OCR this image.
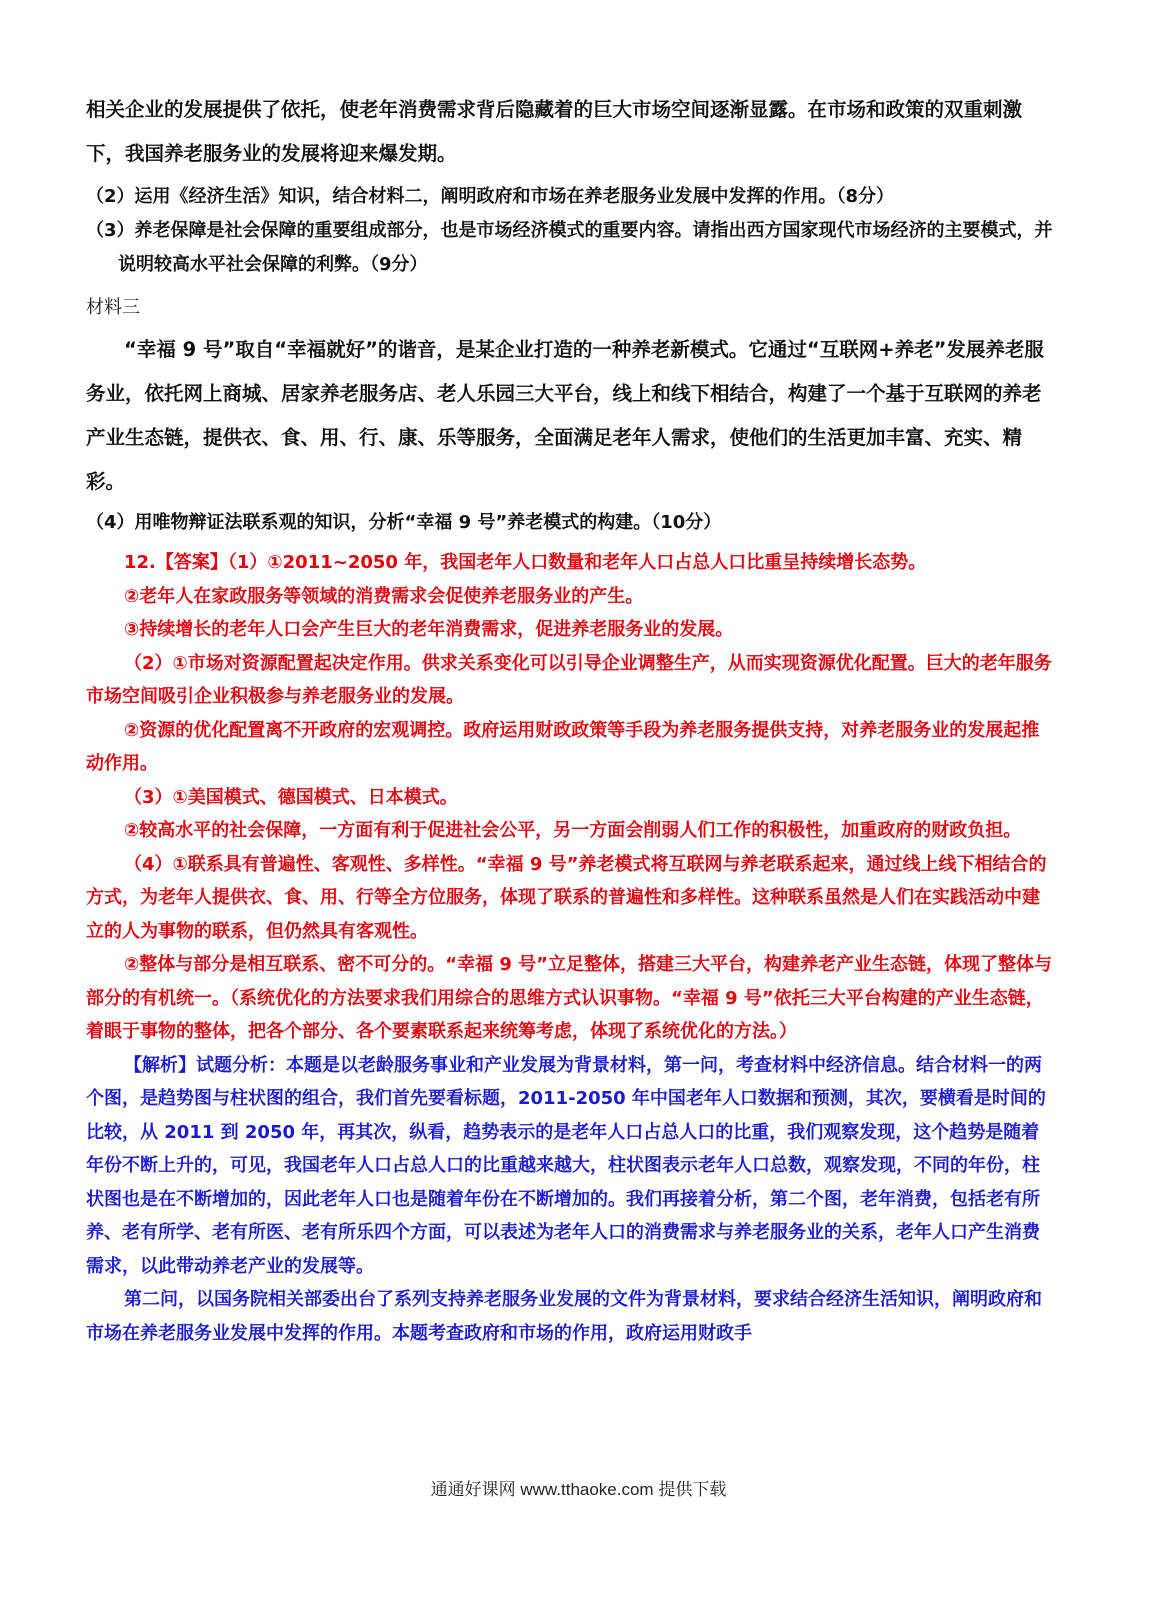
相关企业的发展提供了依托，使老年消费需求背后隐藏着的巨大市场空间逐渐显露。在市场和政策的双重刺激下，我国养老服务业的发展将迎来爆发期。

（2）运用《经济生活》知识，结合材料二，阐明政府和市场在养老服务业发展中发挥的作用。（8分）

（3）养老保障是社会保障的重要组成部分，也是市场经济模式的重要内容。请指出西方国家现代市场经济的主要模式，并说明较高水平社会保障的利弊。（9分）

材料三

“幸福 9 号”取自“幸福就好”的谐音，是某企业打造的一种养老新模式。它通过“互联网+养老”发展养老服务业，依托网上商城、居家养老服务店、老人乐园三大平台，线上和线下相结合，构建了一个基于互联网的养老产业生态链，提供衣、食、用、行、康、乐等服务，全面满足老年人需求，使他们的生活更加丰富、充实、精彩。

（4）用唯物辩证法联系观的知识，分析“幸福 9 号”养老模式的构建。（10分）

12.【答案】（1）①2011~2050 年，我国老年人口数量和老年人口占总人口比重呈持续增长态势。

②老年人在家政服务等领域的消费需求会促使养老服务业的产生。

③持续增长的老年人口会产生巨大的老年消费需求，促进养老服务业的发展。

（2）①市场对资源配置起决定作用。供求关系变化可以引导企业调整生产，从而实现资源优化配置。巨大的老年服务市场空间吸引企业积极参与养老服务业的发展。

②资源的优化配置离不开政府的宏观调控。政府运用财政政策等手段为养老服务提供支持，对养老服务业的发展起推动作用。

（3）①美国模式、德国模式、日本模式。

②较高水平的社会保障，一方面有利于促进社会公平，另一方面会削弱人们工作的积极性，加重政府的财政负担。

（4）①联系具有普遍性、客观性、多样性。“幸福 9 号”养老模式将互联网与养老联系起来，通过线上线下相结合的方式，为老年人提供衣、食、用、行等全方位服务，体现了联系的普遍性和多样性。这种联系虽然是人们在实践活动中建立的人为事物的联系，但仍然具有客观性。

②整体与部分是相互联系、密不可分的。“幸福 9 号”立足整体，搭建三大平台，构建养老产业生态链，体现了整体与部分的有机统一。（系统优化的方法要求我们用综合的思维方式认识事物。“幸福 9 号”依托三大平台构建的产业生态链，着眼于事物的整体，把各个部分、各个要素联系起来统筹考虑，体现了系统优化的方法。）

【解析】试题分析：本题是以老龄服务事业和产业发展为背景材料，第一问，考查材料中经济信息。结合材料一的两个图，是趋势图与柱状图的组合，我们首先要看标题，2011-2050 年中国老年人口数据和预测，其次，要横看是时间的比较，从 2011 到 2050 年，再其次，纵看，趋势表示的是老年人口占总人口的比重，我们观察发现，这个趋势是随着年份不断上升的，可见，我国老年人口占总人口的比重越来越大，柱状图表示老年人口总数，观察发现，不同的年份，柱状图也是在不断增加的，因此老年人口也是随着年份在不断增加的。我们再接着分析，第二个图，老年消费，包括老有所养、老有所学、老有所医、老有所乐四个方面，可以表述为老年人口的消费需求与养老服务业的关系，老年人口产生消费需求，以此带动养老产业的发展等。

第二问，以国务院相关部委出台了系列支持养老服务业发展的文件为背景材料，要求结合经济生活知识，阐明政府和市场在养老服务业发展中发挥的作用。本题考查政府和市场的作用，政府运用财政手

通通好课网 www.tthaoke.com 提供下载
